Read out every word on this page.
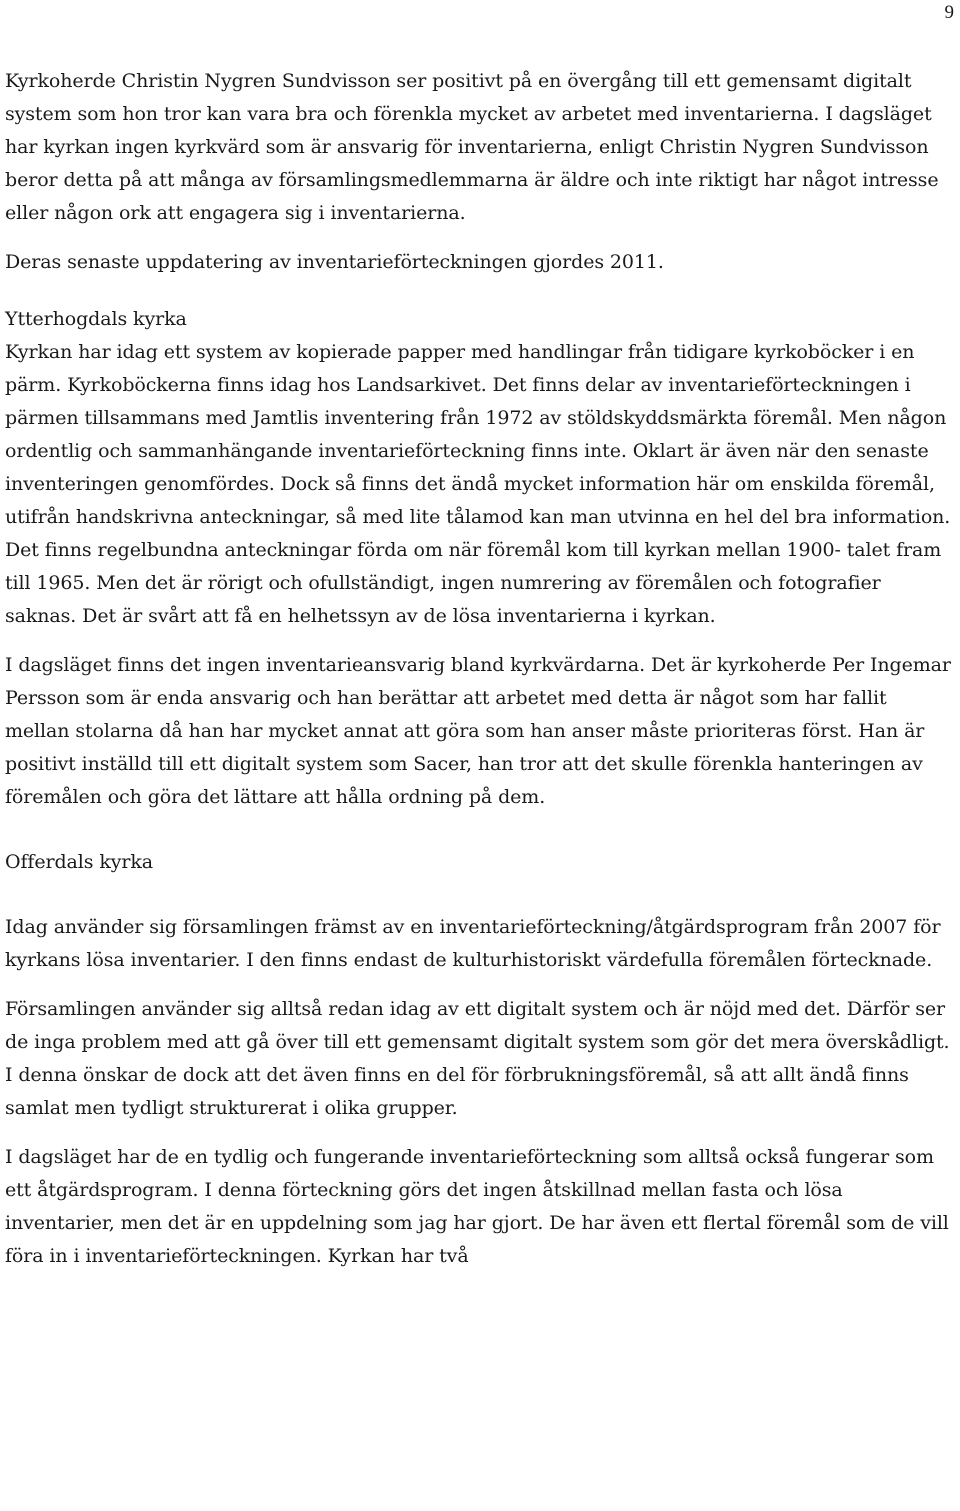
9

Kyrkoherde Christin Nygren Sundvisson ser positivt på en övergång till ett gemensamt digitalt system som hon tror kan vara bra och förenkla mycket av arbetet med inventarierna. I dagsläget har kyrkan ingen kyrkvärd som är ansvarig för inventarierna, enligt Christin Nygren Sundvisson beror detta på att många av församlingsmedlemmarna är äldre och inte riktigt har något intresse eller någon ork att engagera sig i inventarierna.

Deras senaste uppdatering av inventarieförteckningen gjordes 2011.

Ytterhogdals kyrka

Kyrkan har idag ett system av kopierade papper med handlingar från tidigare kyrkoböcker i en pärm. Kyrkoböckerna finns idag hos Landsarkivet. Det finns delar av inventarieförteckningen i pärmen tillsammans med Jamtlis inventering från 1972 av stöldskyddsmärkta föremål. Men någon ordentlig och sammanhängande inventarieförteckning finns inte. Oklart är även när den senaste inventeringen genomfördes. Dock så finns det ändå mycket information här om enskilda föremål, utifrån handskrivna anteckningar, så med lite tålamod kan man utvinna en hel del bra information. Det finns regelbundna anteckningar förda om när föremål kom till kyrkan mellan 1900- talet fram till 1965. Men det är rörigt och ofullständigt, ingen numrering av föremålen och fotografier saknas. Det är svårt att få en helhetssyn av de lösa inventarierna i kyrkan.

I dagsläget finns det ingen inventarieansvarig bland kyrkvärdarna. Det är kyrkoherde Per Ingemar Persson som är enda ansvarig och han berättar att arbetet med detta är något som har fallit mellan stolarna då han har mycket annat att göra som han anser måste prioriteras först. Han är positivt inställd till ett digitalt system som Sacer, han tror att det skulle förenkla hanteringen av föremålen och göra det lättare att hålla ordning på dem.

Offerdals kyrka

Idag använder sig församlingen främst av en inventarieförteckning/åtgärdsprogram från 2007 för kyrkans lösa inventarier. I den finns endast de kulturhistoriskt värdefulla föremålen förtecknade.

Församlingen använder sig alltså redan idag av ett digitalt system och är nöjd med det. Därför ser de inga problem med att gå över till ett gemensamt digitalt system som gör det mera överskådligt. I denna önskar de dock att det även finns en del för förbrukningsföremål, så att allt ändå finns samlat men tydligt strukturerat i olika grupper.

I dagsläget har de en tydlig och fungerande inventarieförteckning som alltså också fungerar som ett åtgärdsprogram. I denna förteckning görs det ingen åtskillnad mellan fasta och lösa inventarier, men det är en uppdelning som jag har gjort. De har även ett flertal föremål som de vill föra in i inventarieförteckningen. Kyrkan har två
